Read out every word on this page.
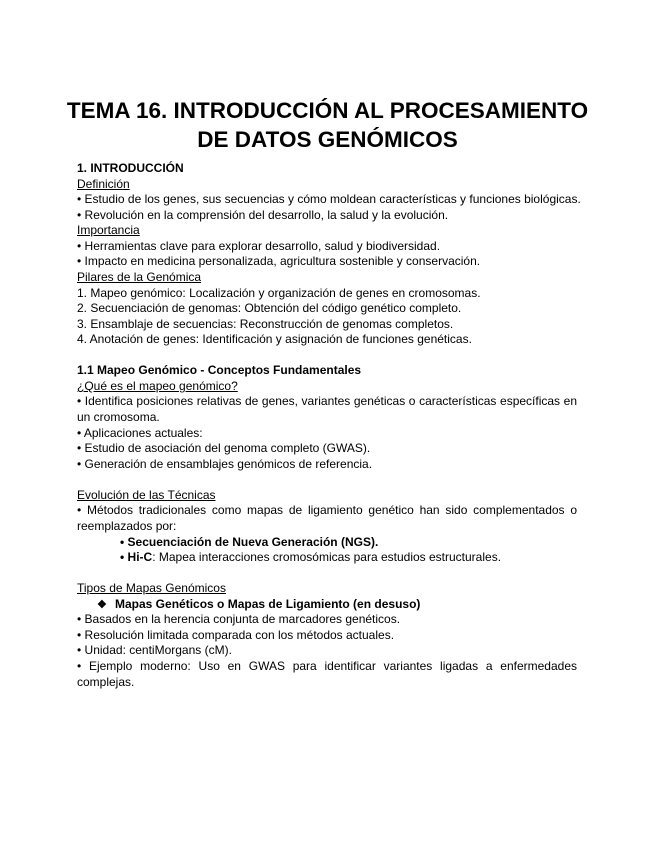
TEMA 16. INTRODUCCIÓN AL PROCESAMIENTO
DE DATOS GENÓMICOS

1. INTRODUCCIÓN

Definición

• Estudio de los genes, sus secuencias y cómo moldean características y funciones biológicas.

• Revolución en la comprensión del desarrollo, la salud y la evolución.

Importancia

• Herramientas clave para explorar desarrollo, salud y biodiversidad.

• Impacto en medicina personalizada, agricultura sostenible y conservación.

Pilares de la Genómica

1. Mapeo genómico: Localización y organización de genes en cromosomas.

2. Secuenciación de genomas: Obtención del código genético completo.

3. Ensamblaje de secuencias: Reconstrucción de genomas completos.

4. Anotación de genes: Identificación y asignación de funciones genéticas.

1.1 Mapeo Genómico - Conceptos Fundamentales

¿Qué es el mapeo genómico?

• Identifica posiciones relativas de genes, variantes genéticas o características específicas en un cromosoma.

• Aplicaciones actuales:

• Estudio de asociación del genoma completo (GWAS).

• Generación de ensamblajes genómicos de referencia.

Evolución de las Técnicas

• Métodos tradicionales como mapas de ligamiento genético han sido complementados o reemplazados por:

• Secuenciación de Nueva Generación (NGS).

• Hi-C: Mapea interacciones cromosómicas para estudios estructurales.

Tipos de Mapas Genómicos

❖ Mapas Genéticos o Mapas de Ligamiento (en desuso)

• Basados en la herencia conjunta de marcadores genéticos.

• Resolución limitada comparada con los métodos actuales.

• Unidad: centiMorgans (cM).

• Ejemplo moderno: Uso en GWAS para identificar variantes ligadas a enfermedades complejas.
